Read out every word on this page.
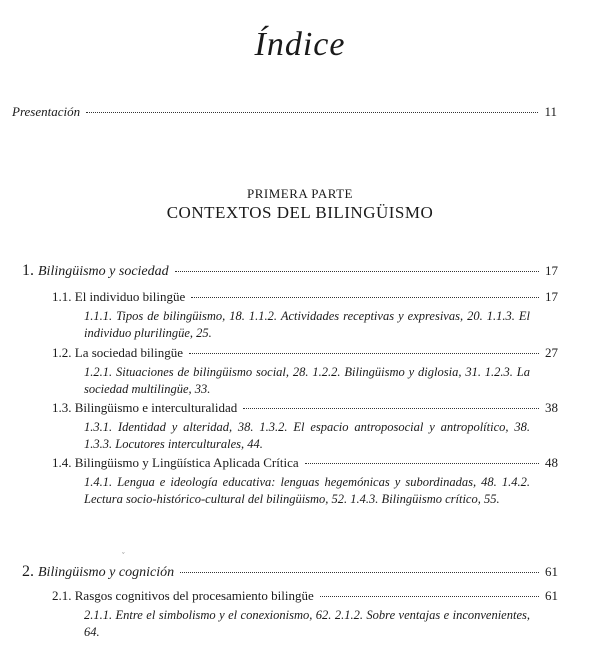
Índice
Presentación	11
PRIMERA PARTE
CONTEXTOS DEL BILINGÜISMO
1. Bilingüismo y sociedad	17
1.1. El individuo bilingüe	17
1.1.1. Tipos de bilingüismo, 18. 1.1.2. Actividades receptivas y expresivas, 20. 1.1.3. El individuo plurilingüe, 25.
1.2. La sociedad bilingüe	27
1.2.1. Situaciones de bilingüismo social, 28. 1.2.2. Bilingüismo y diglosia, 31. 1.2.3. La sociedad multilingüe, 33.
1.3. Bilingüismo e interculturalidad	38
1.3.1. Identidad y alteridad, 38. 1.3.2. El espacio antroposocial y antropolítico, 38. 1.3.3. Locutores interculturales, 44.
1.4. Bilingüismo y Lingüística Aplicada Crítica	48
1.4.1. Lengua e ideología educativa: lenguas hegemónicas y subordinadas, 48. 1.4.2. Lectura socio-histórico-cultural del bilingüismo, 52. 1.4.3. Bilingüismo crítico, 55.
ˇ
2. Bilingüismo y cognición	61
2.1. Rasgos cognitivos del procesamiento bilingüe	61
2.1.1. Entre el simbolismo y el conexionismo, 62. 2.1.2. Sobre ventajas e inconvenientes, 64.
